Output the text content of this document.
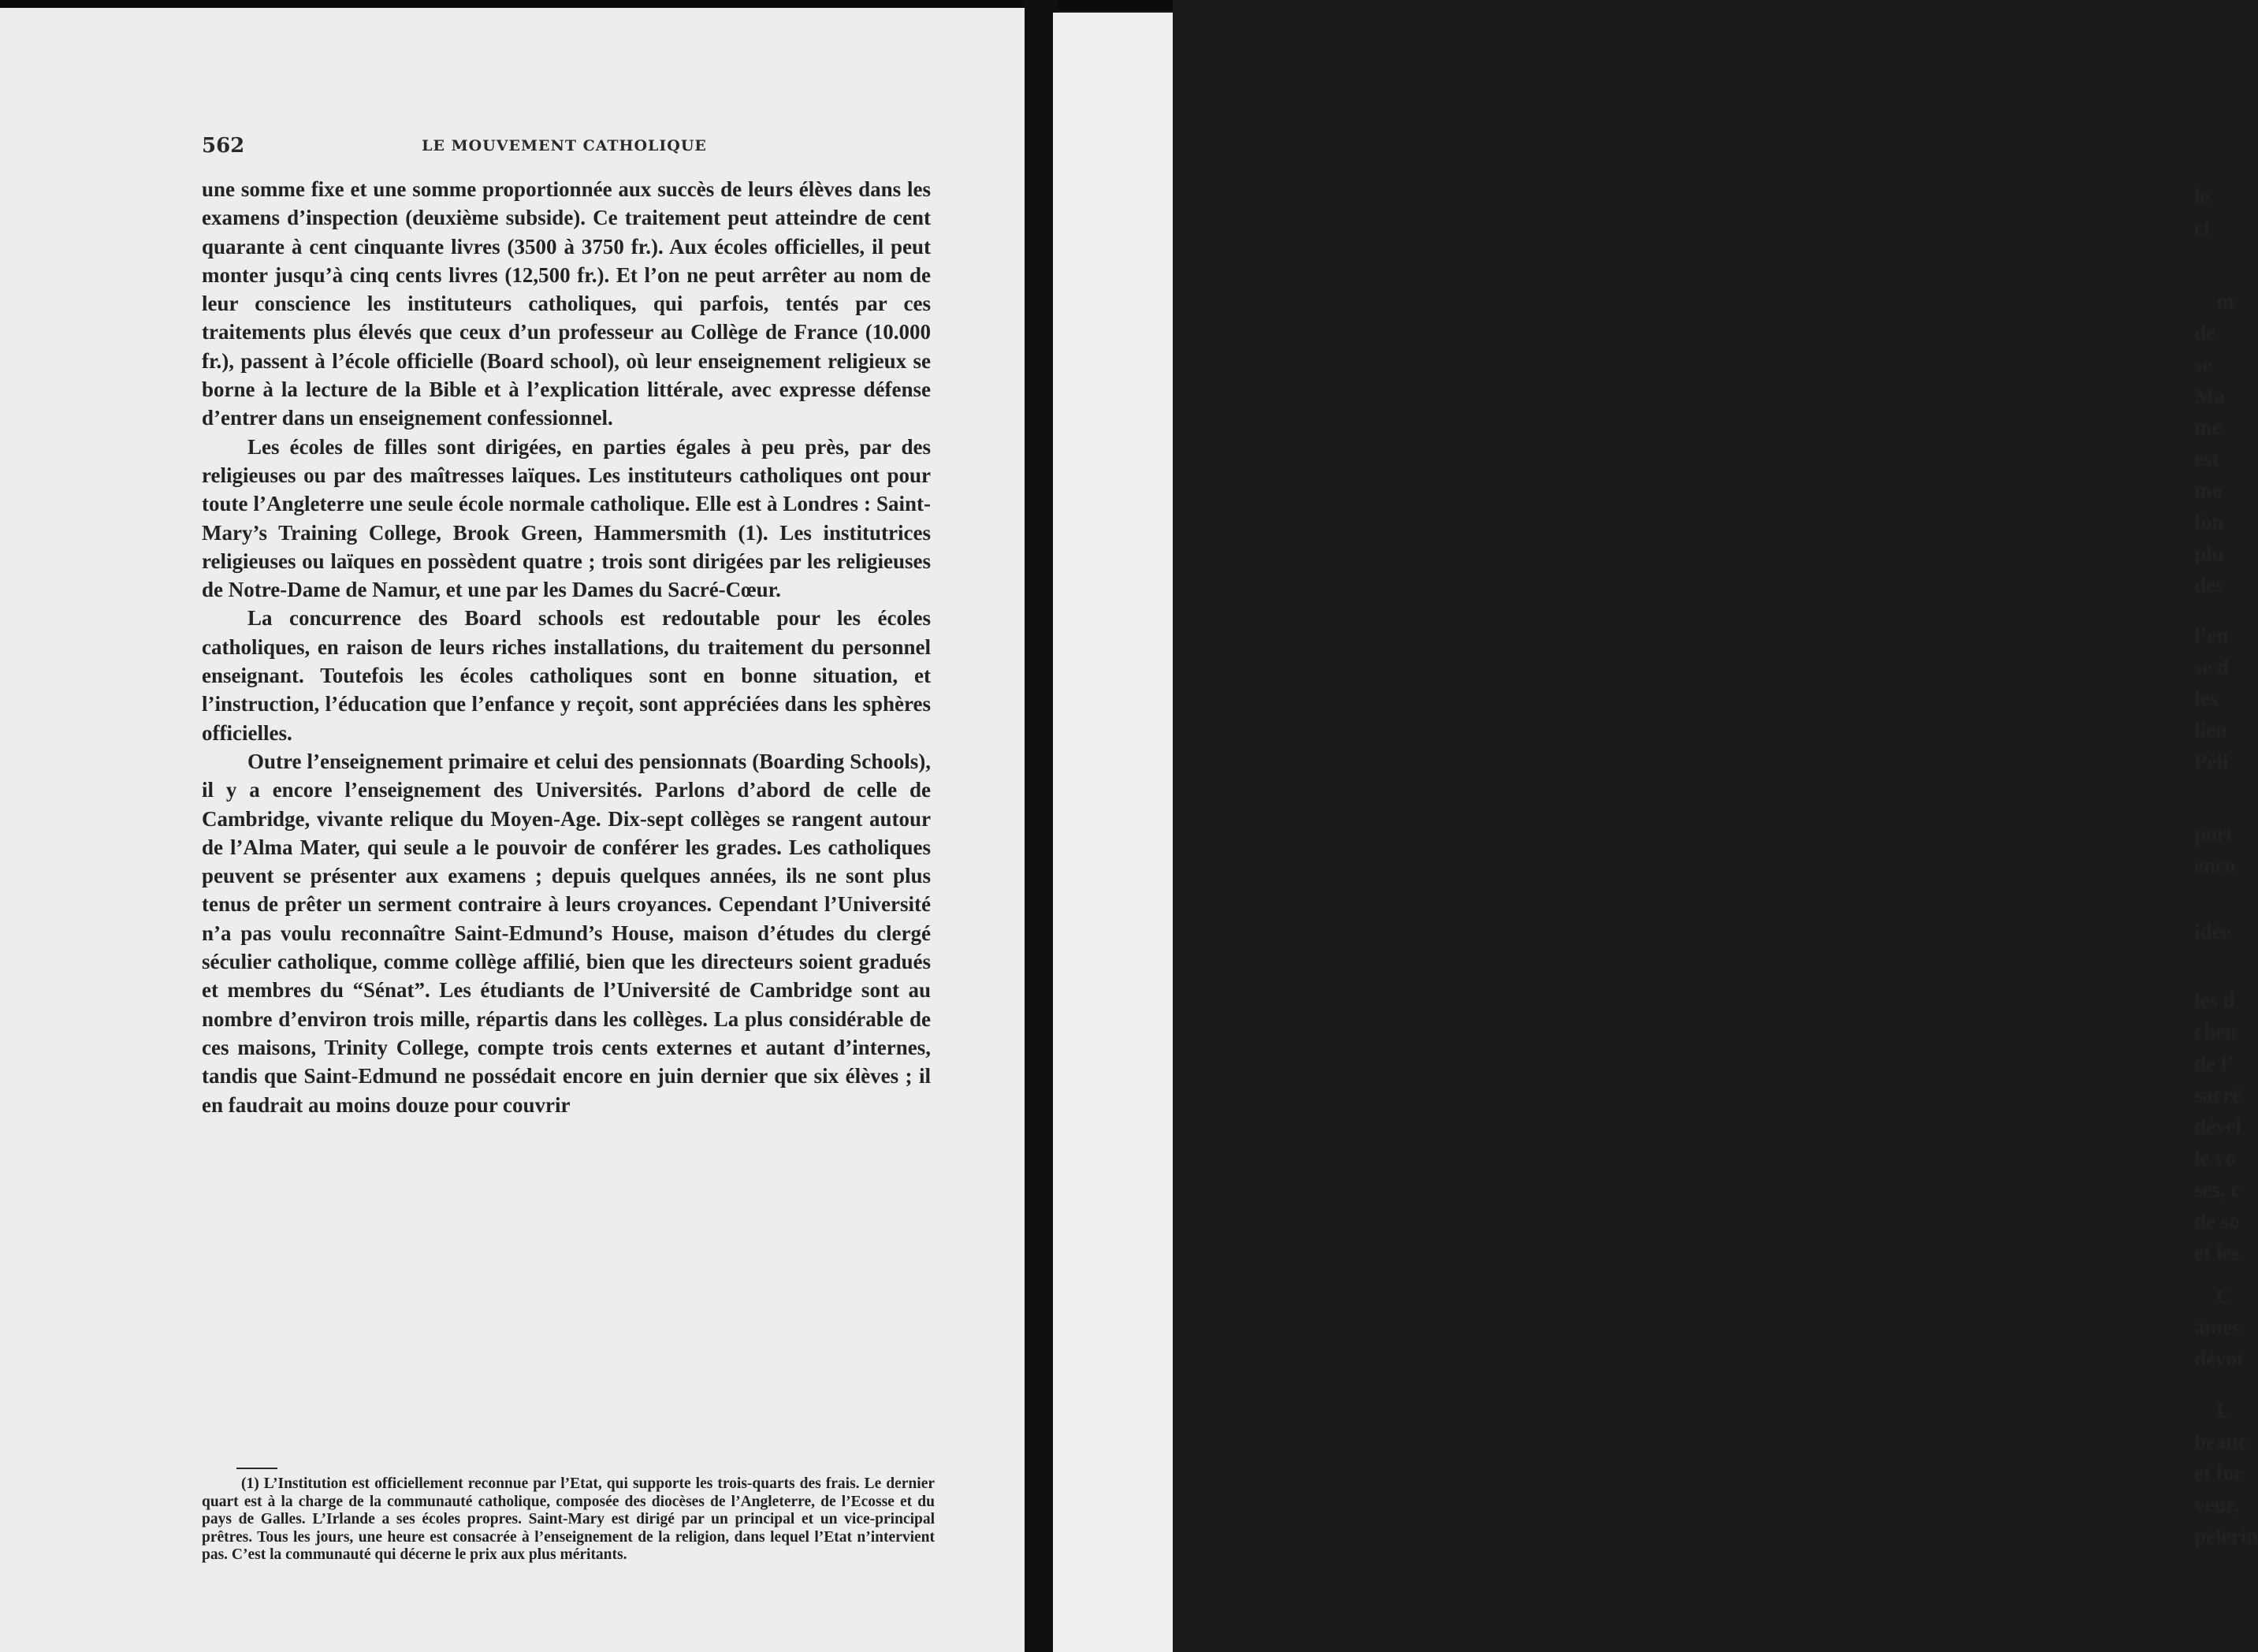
le
ci
m
de
se
Ma
me
est
mo
fon
plu
des
l’en
se d
les
lieu
Péli
port
enco
idée
les d
chen
de l’
sacré
dével
le vo
ses, c
de so
et les
C
âmes
dévot
L
beauc
et for
veur,
pèlerin
562	LE MOUVEMENT CATHOLIQUE

une somme fixe et une somme proportionnée aux succès de leurs élèves dans les examens d’inspection (deuxième subside). Ce traitement peut atteindre de cent quarante à cent cinquante livres (3500 à 3750 fr.). Aux écoles officielles, il peut monter jusqu’à cinq cents livres (12,500 fr.). Et l’on ne peut arrêter au nom de leur conscience les instituteurs catholiques, qui parfois, tentés par ces traitements plus élevés que ceux d’un professeur au Collège de France (10.000 fr.), passent à l’école officielle (Board school), où leur enseignement religieux se borne à la lecture de la Bible et à l’explication littérale, avec expresse défense d’entrer dans un enseignement confessionnel.

Les écoles de filles sont dirigées, en parties égales à peu près, par des religieuses ou par des maîtresses laïques. Les instituteurs catholiques ont pour toute l’Angleterre une seule école normale catholique. Elle est à Londres : Saint-Mary’s Training College, Brook Green, Hammersmith (1). Les institutrices religieuses ou laïques en possèdent quatre ; trois sont dirigées par les religieuses de Notre-Dame de Namur, et une par les Dames du Sacré-Cœur.

La concurrence des Board schools est redoutable pour les écoles catholiques, en raison de leurs riches installations, du traitement du personnel enseignant. Toutefois les écoles catholiques sont en bonne situation, et l’instruction, l’éducation que l’enfance y reçoit, sont appréciées dans les sphères officielles.

Outre l’enseignement primaire et celui des pensionnats (Boarding Schools), il y a encore l’enseignement des Universités. Parlons d’abord de celle de Cambridge, vivante relique du Moyen-Age. Dix-sept collèges se rangent autour de l’Alma Mater, qui seule a le pouvoir de conférer les grades. Les catholiques peuvent se présenter aux examens ; depuis quelques années, ils ne sont plus tenus de prêter un serment contraire à leurs croyances. Cependant l’Université n’a pas voulu reconnaître Saint-Edmund’s House, maison d’études du clergé séculier catholique, comme collège affilié, bien que les directeurs soient gradués et membres du “Sénat”. Les étudiants de l’Université de Cambridge sont au nombre d’environ trois mille, répartis dans les collèges. La plus considérable de ces maisons, Trinity College, compte trois cents externes et autant d’internes, tandis que Saint-Edmund ne possédait encore en juin dernier que six élèves ; il en faudrait au moins douze pour couvrir

(1) L’Institution est officiellement reconnue par l’Etat, qui supporte les trois-quarts des frais. Le dernier quart est à la charge de la communauté catholique, composée des diocèses de l’Angleterre, de l’Ecosse et du pays de Galles. L’Irlande a ses écoles propres. Saint-Mary est dirigé par un principal et un vice-principal prêtres. Tous les jours, une heure est consacrée à l’enseignement de la religion, dans lequel l’Etat n’intervient pas. C’est la communauté qui décerne le prix aux plus méritants.
